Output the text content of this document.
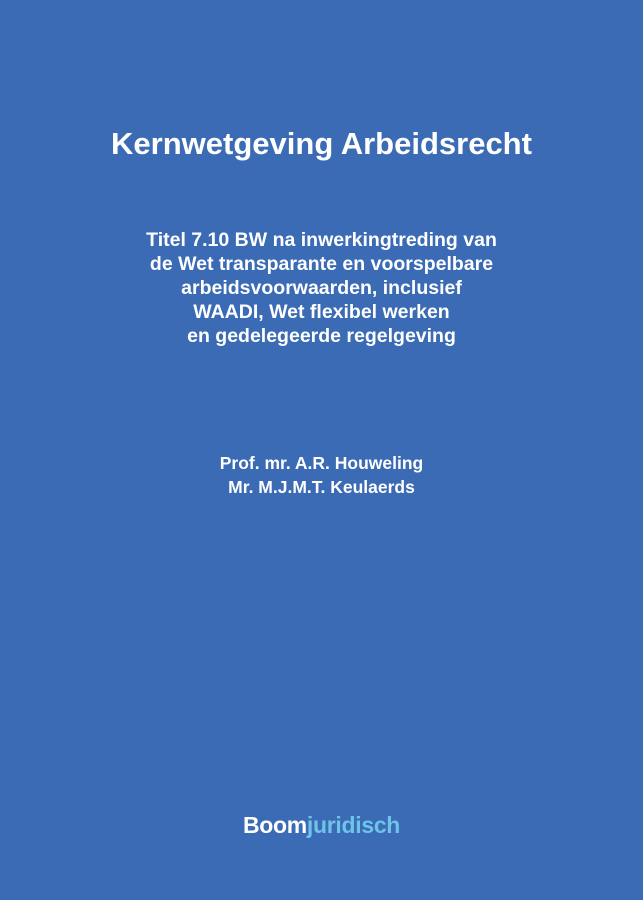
Kernwetgeving Arbeidsrecht
Titel 7.10 BW na inwerkingtreding van
de Wet transparante en voorspelbare
arbeidsvoorwaarden, inclusief
WAADI, Wet flexibel werken
en gedelegeerde regelgeving
Prof. mr. A.R. Houweling
Mr. M.J.M.T. Keulaerds
Boomjuridisch
